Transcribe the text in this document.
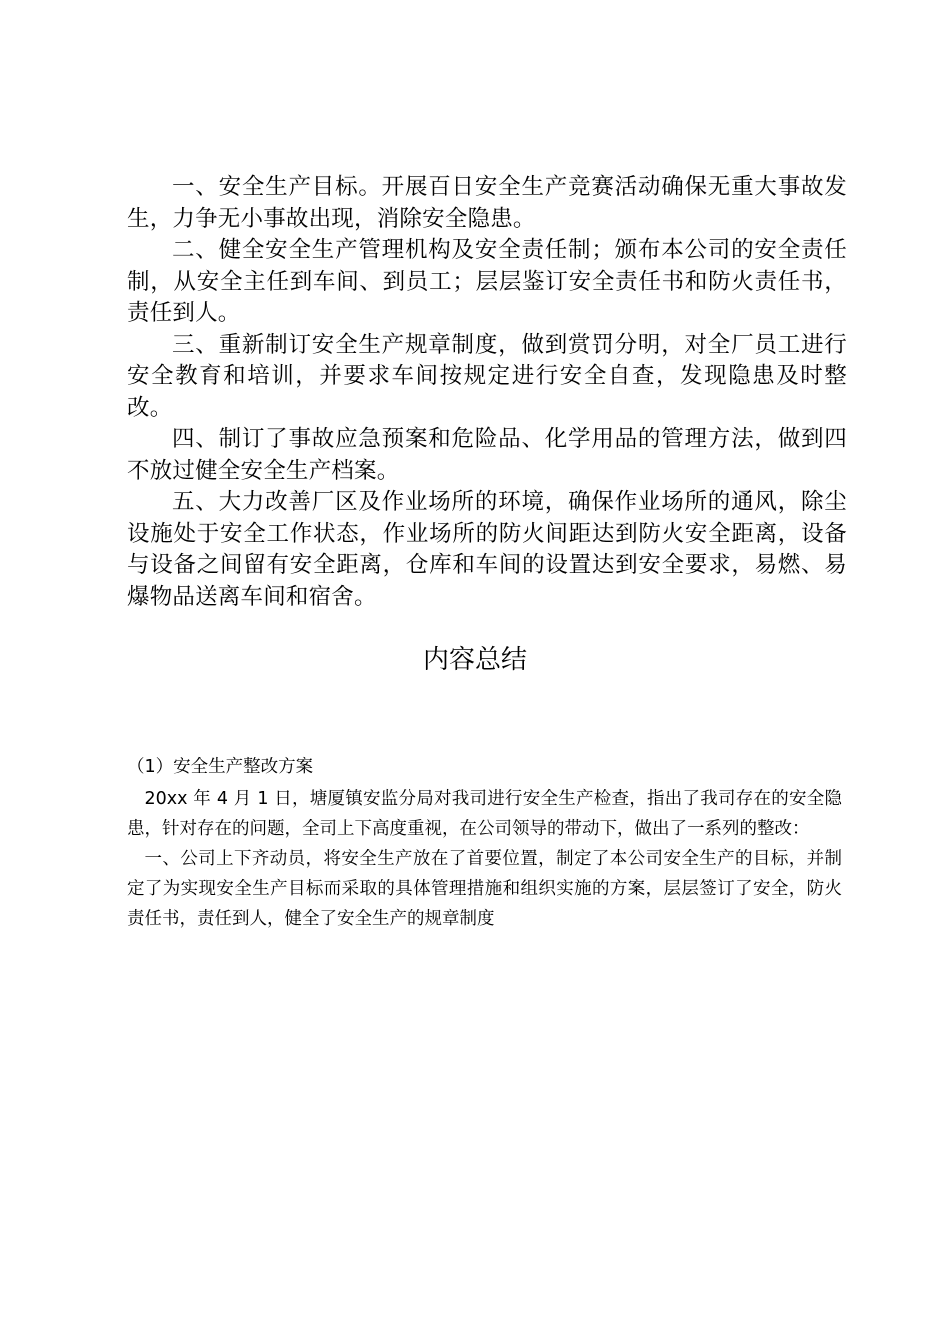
一、安全生产目标。开展百日安全生产竞赛活动确保无重大事故发生，力争无小事故出现，消除安全隐患。

二、健全安全生产管理机构及安全责任制；颁布本公司的安全责任制，从安全主任到车间、到员工；层层鉴订安全责任书和防火责任书，责任到人。

三、重新制订安全生产规章制度，做到赏罚分明，对全厂员工进行安全教育和培训，并要求车间按规定进行安全自查，发现隐患及时整改。

四、制订了事故应急预案和危险品、化学用品的管理方法，做到四不放过健全安全生产档案。

五、大力改善厂区及作业场所的环境，确保作业场所的通风，除尘设施处于安全工作状态，作业场所的防火间距达到防火安全距离，设备与设备之间留有安全距离，仓库和车间的设置达到安全要求，易燃、易爆物品送离车间和宿舍。

内容总结

（1）安全生产整改方案

20xx 年 4 月 1 日，塘厦镇安监分局对我司进行安全生产检查，指出了我司存在的安全隐患，针对存在的问题，全司上下高度重视，在公司领导的带动下，做出了一系列的整改：

一、公司上下齐动员，将安全生产放在了首要位置，制定了本公司安全生产的目标，并制定了为实现安全生产目标而采取的具体管理措施和组织实施的方案，层层签订了安全，防火责任书，责任到人，健全了安全生产的规章制度
